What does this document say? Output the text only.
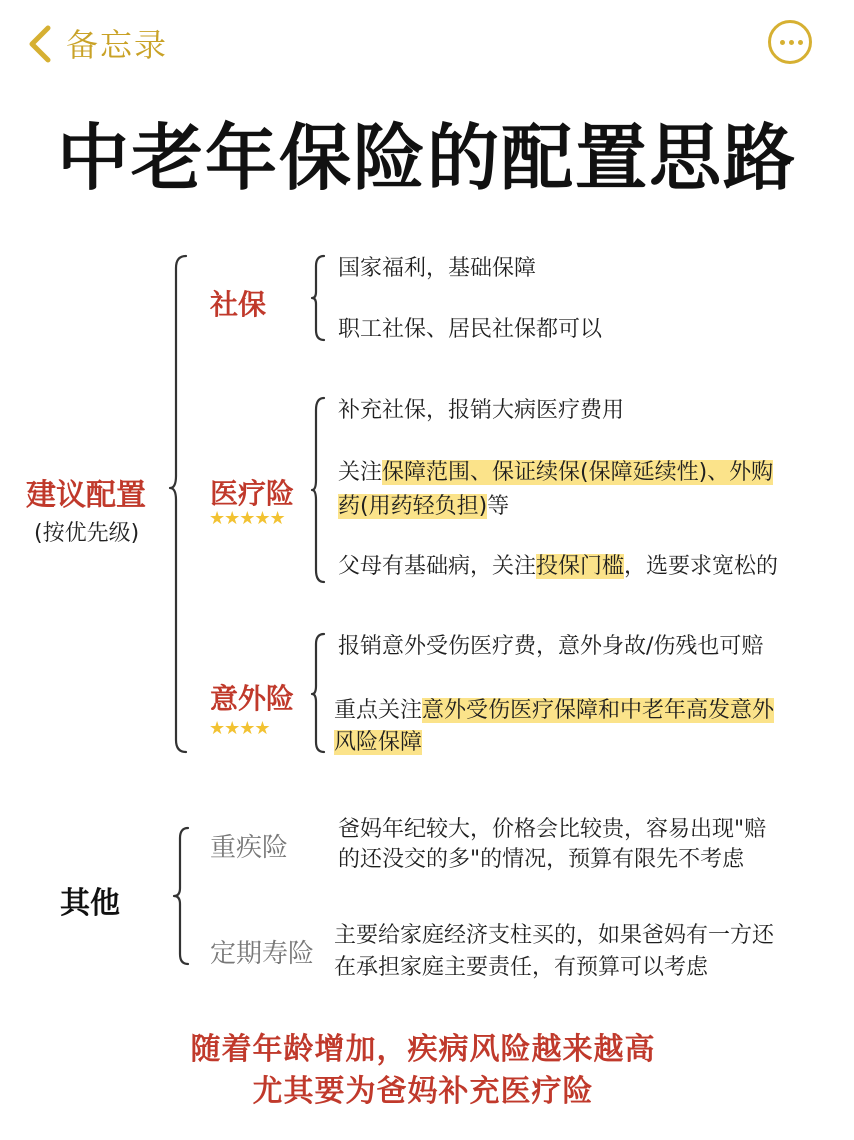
备忘录
中老年保险的配置思路
建议配置
(按优先级)
社保
国家福利，基础保障
职工社保、居民社保都可以
医疗险
★★★★★
补充社保，报销大病医疗费用
关注保障范围、保证续保(保障延续性)、外购
药(用药轻负担)等
父母有基础病，关注投保门槛，选要求宽松的
意外险
★★★★
报销意外受伤医疗费，意外身故/伤残也可赔
重点关注意外受伤医疗保障和中老年高发意外
风险保障
其他
重疾险
爸妈年纪较大，价格会比较贵，容易出现"赔
的还没交的多"的情况，预算有限先不考虑
定期寿险
主要给家庭经济支柱买的，如果爸妈有一方还
在承担家庭主要责任，有预算可以考虑
随着年龄增加，疾病风险越来越高
尤其要为爸妈补充医疗险
